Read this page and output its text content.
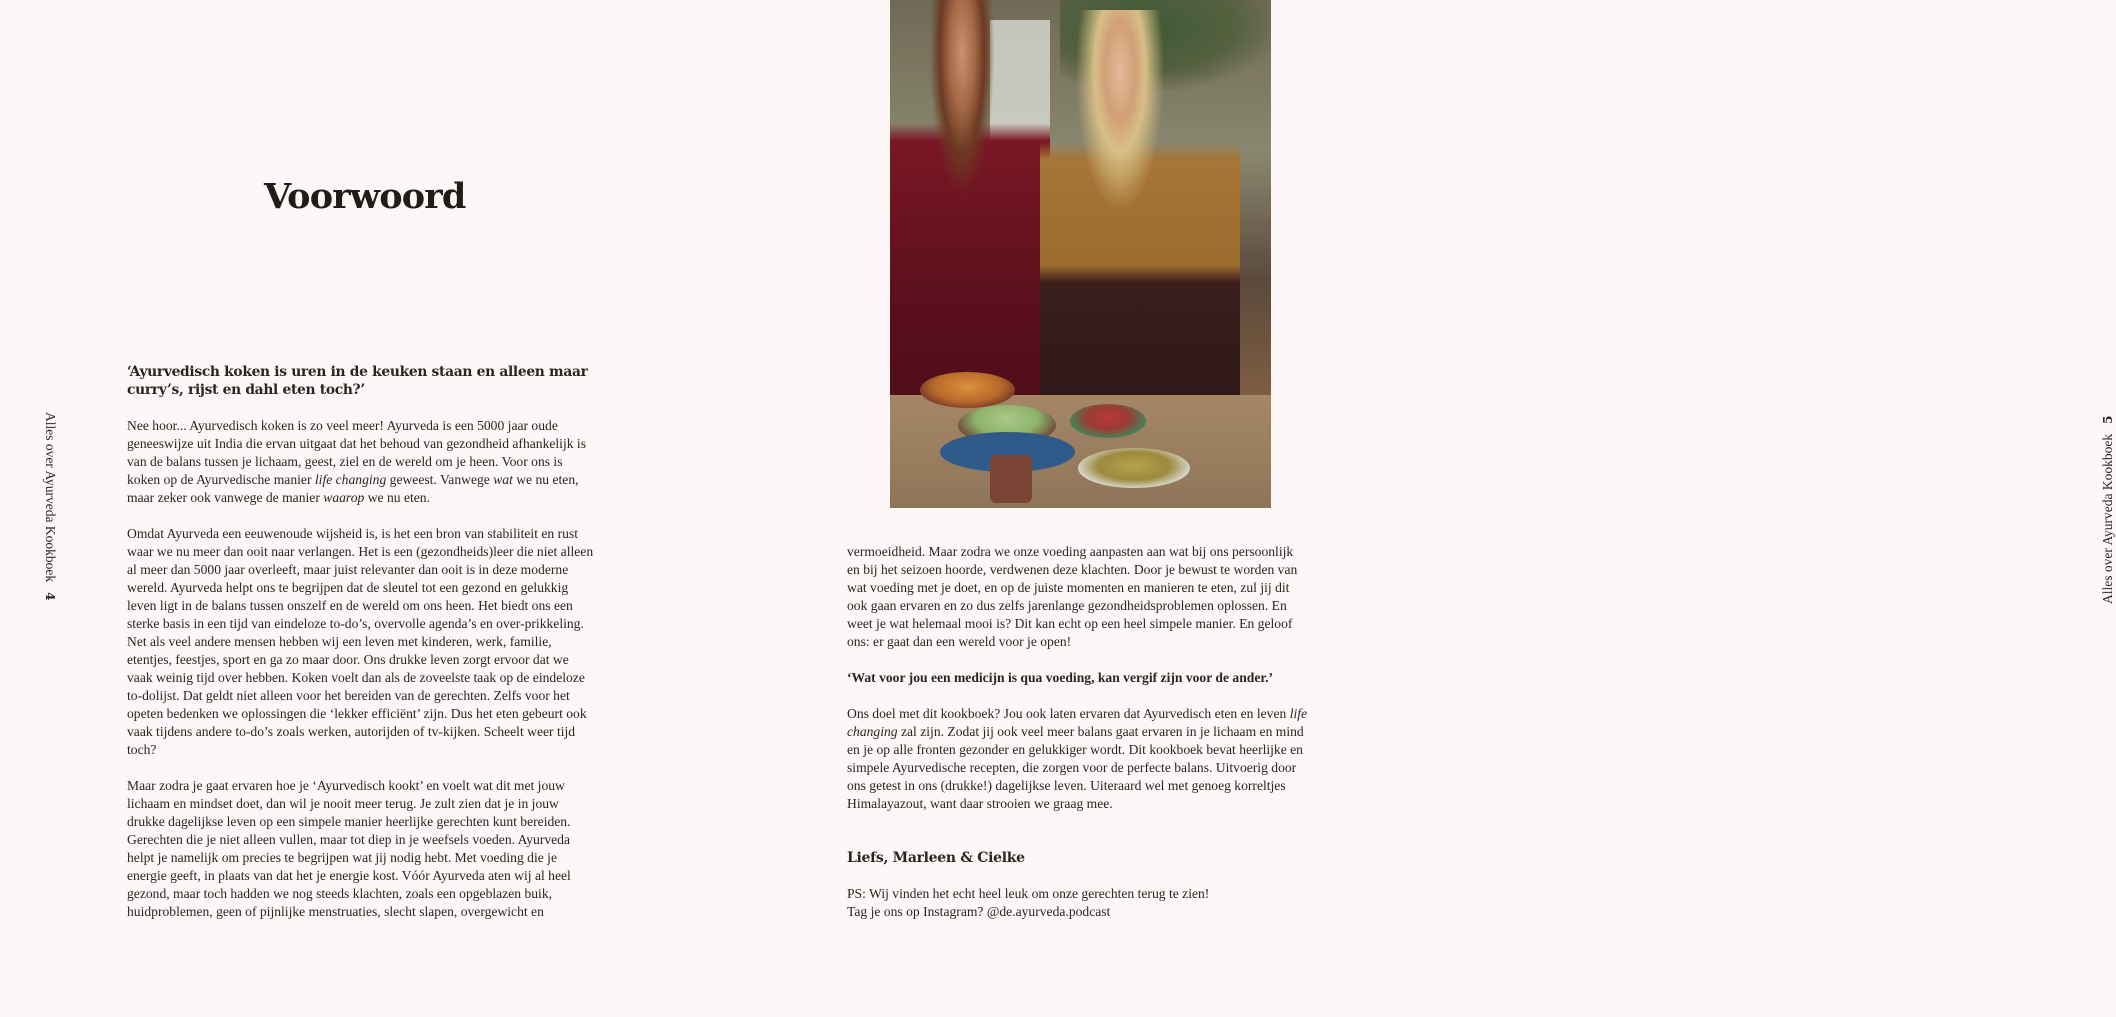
Voorwoord

‘Ayurvedisch koken is uren in de keuken staan en alleen maar curry’s, rijst en dahl eten toch?’

Nee hoor... Ayurvedisch koken is zo veel meer! Ayurveda is een 5000 jaar oude geneeswijze uit India die ervan uitgaat dat het behoud van gezondheid afhankelijk is van de balans tussen je lichaam, geest, ziel en de wereld om je heen. Voor ons is koken op de Ayurvedische manier life changing geweest. Vanwege wat we nu eten, maar zeker ook vanwege de manier waarop we nu eten.

Omdat Ayurveda een eeuwenoude wijsheid is, is het een bron van stabiliteit en rust waar we nu meer dan ooit naar verlangen. Het is een (gezondheids)leer die niet alleen al meer dan 5000 jaar overleeft, maar juist relevanter dan ooit is in deze moderne wereld. Ayurveda helpt ons te begrijpen dat de sleutel tot een gezond en gelukkig leven ligt in de balans tussen onszelf en de wereld om ons heen. Het biedt ons een sterke basis in een tijd van eindeloze to-do’s, overvolle agenda’s en over-prikkeling. Net als veel andere mensen hebben wij een leven met kinderen, werk, familie, etentjes, feestjes, sport en ga zo maar door. Ons drukke leven zorgt ervoor dat we vaak weinig tijd over hebben. Koken voelt dan als de zoveelste taak op de eindeloze to-dolijst. Dat geldt niet alleen voor het bereiden van de gerechten. Zelfs voor het opeten bedenken we oplossingen die ‘lekker efficiënt’ zijn. Dus het eten gebeurt ook vaak tijdens andere to-do’s zoals werken, autorijden of tv-kijken. Scheelt weer tijd toch?

Maar zodra je gaat ervaren hoe je ‘Ayurvedisch kookt’ en voelt wat dit met jouw lichaam en mindset doet, dan wil je nooit meer terug. Je zult zien dat je in jouw drukke dagelijkse leven op een simpele manier heerlijke gerechten kunt bereiden. Gerechten die je niet alleen vullen, maar tot diep in je weefsels voeden. Ayurveda helpt je namelijk om precies te begrijpen wat jij nodig hebt. Met voeding die je energie geeft, in plaats van dat het je energie kost. Vóór Ayurveda aten wij al heel gezond, maar toch hadden we nog steeds klachten, zoals een opgeblazen buik, huidproblemen, geen of pijnlijke menstruaties, slecht slapen, overgewicht en

Alles over Ayurveda Kookboek4

vermoeidheid. Maar zodra we onze voeding aanpasten aan wat bij ons persoonlijk en bij het seizoen hoorde, verdwenen deze klachten. Door je bewust te worden van wat voeding met je doet, en op de juiste momenten en manieren te eten, zul jij dit ook gaan ervaren en zo dus zelfs jarenlange gezondheidsproblemen oplossen. En weet je wat helemaal mooi is? Dit kan echt op een heel simpele manier. En geloof ons: er gaat dan een wereld voor je open!

‘Wat voor jou een medicijn is qua voeding, kan vergif zijn voor de ander.’

Ons doel met dit kookboek? Jou ook laten ervaren dat Ayurvedisch eten en leven life changing zal zijn. Zodat jij ook veel meer balans gaat ervaren in je lichaam en mind en je op alle fronten gezonder en gelukkiger wordt. Dit kookboek bevat heerlijke en simpele Ayurvedische recepten, die zorgen voor de perfecte balans. Uitvoerig door ons getest in ons (drukke!) dagelijkse leven. Uiteraard wel met genoeg korreltjes Himalayazout, want daar strooien we graag mee.

Liefs, Marleen & Cielke

PS: Wij vinden het echt heel leuk om onze gerechten terug te zien!
Tag je ons op Instagram? @de.ayurveda.podcast

Alles over Ayurveda Kookboek5
